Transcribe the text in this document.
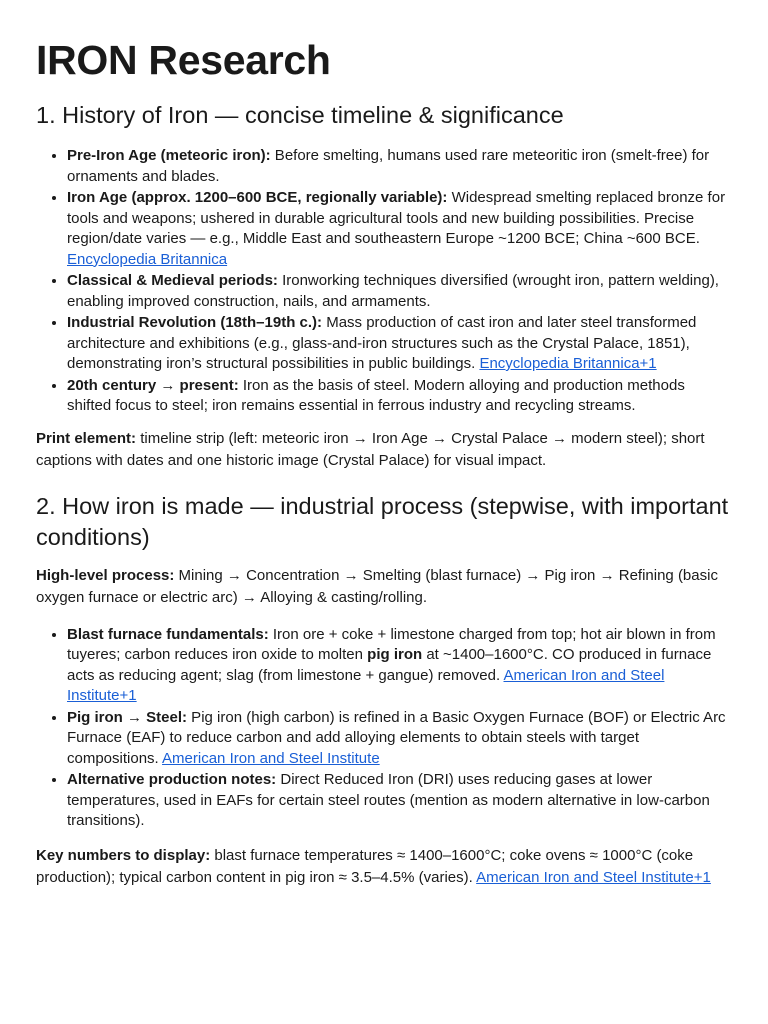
IRON Research
1. History of Iron — concise timeline & significance
• Pre-Iron Age (meteoric iron): Before smelting, humans used rare meteoritic iron (smelt-free) for ornaments and blades.
• Iron Age (approx. 1200–600 BCE, regionally variable): Widespread smelting replaced bronze for tools and weapons; ushered in durable agricultural tools and new building possibilities. Precise region/date varies — e.g., Middle East and southeastern Europe ~1200 BCE; China ~600 BCE. Encyclopedia Britannica
• Classical & Medieval periods: Ironworking techniques diversified (wrought iron, pattern welding), enabling improved construction, nails, and armaments.
• Industrial Revolution (18th–19th c.): Mass production of cast iron and later steel transformed architecture and exhibitions (e.g., glass-and-iron structures such as the Crystal Palace, 1851), demonstrating iron’s structural possibilities in public buildings. Encyclopedia Britannica+1
• 20th century → present: Iron as the basis of steel. Modern alloying and production methods shifted focus to steel; iron remains essential in ferrous industry and recycling streams.

Print element: timeline strip (left: meteoric iron → Iron Age → Crystal Palace → modern steel); short captions with dates and one historic image (Crystal Palace) for visual impact.

2. How iron is made — industrial process (stepwise, with important conditions)

High-level process: Mining → Concentration → Smelting (blast furnace) → Pig iron → Refining (basic oxygen furnace or electric arc) → Alloying & casting/rolling.

• Blast furnace fundamentals: Iron ore + coke + limestone charged from top; hot air blown in from tuyeres; carbon reduces iron oxide to molten pig iron at ~1400–1600°C. CO produced in furnace acts as reducing agent; slag (from limestone + gangue) removed. American Iron and Steel Institute+1
• Pig iron → Steel: Pig iron (high carbon) is refined in a Basic Oxygen Furnace (BOF) or Electric Arc Furnace (EAF) to reduce carbon and add alloying elements to obtain steels with target compositions. American Iron and Steel Institute
• Alternative production notes: Direct Reduced Iron (DRI) uses reducing gases at lower temperatures, used in EAFs for certain steel routes (mention as modern alternative in low-carbon transitions).

Key numbers to display: blast furnace temperatures ≈ 1400–1600°C; coke ovens ≈ 1000°C (coke production); typical carbon content in pig iron ≈ 3.5–4.5% (varies). American Iron and Steel Institute+1
